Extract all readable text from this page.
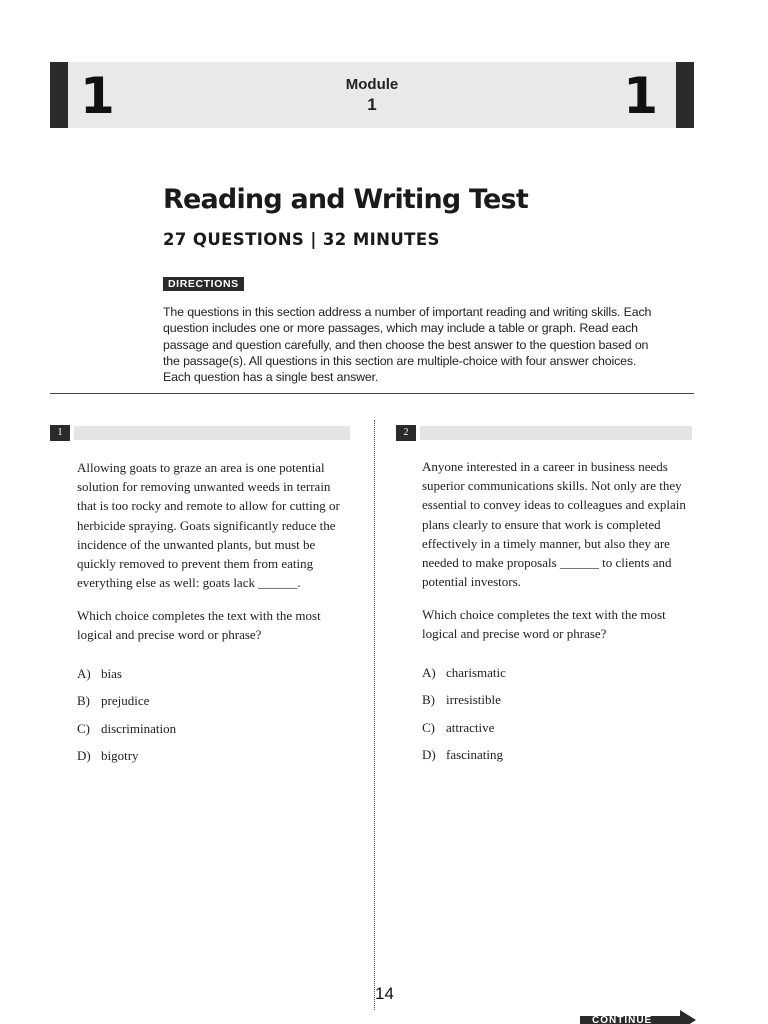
1	Module
1	1
Reading and Writing Test
27 QUESTIONS | 32 MINUTES
DIRECTIONS
The questions in this section address a number of important reading and writing skills. Each question includes one or more passages, which may include a table or graph. Read each passage and question carefully, and then choose the best answer to the question based on the passage(s). All questions in this section are multiple-choice with four answer choices. Each question has a single best answer.
1
Allowing goats to graze an area is one potential solution for removing unwanted weeds in terrain that is too rocky and remote to allow for cutting or herbicide spraying. Goats significantly reduce the incidence of the unwanted plants, but must be quickly removed to prevent them from eating everything else as well: goats lack ______.
Which choice completes the text with the most logical and precise word or phrase?
A) bias
B) prejudice
C) discrimination
D) bigotry
2
Anyone interested in a career in business needs superior communications skills. Not only are they essential to convey ideas to colleagues and explain plans clearly to ensure that work is completed effectively in a timely manner, but also they are needed to make proposals ______ to clients and potential investors.
Which choice completes the text with the most logical and precise word or phrase?
A) charismatic
B) irresistible
C) attractive
D) fascinating
14
CONTINUE
